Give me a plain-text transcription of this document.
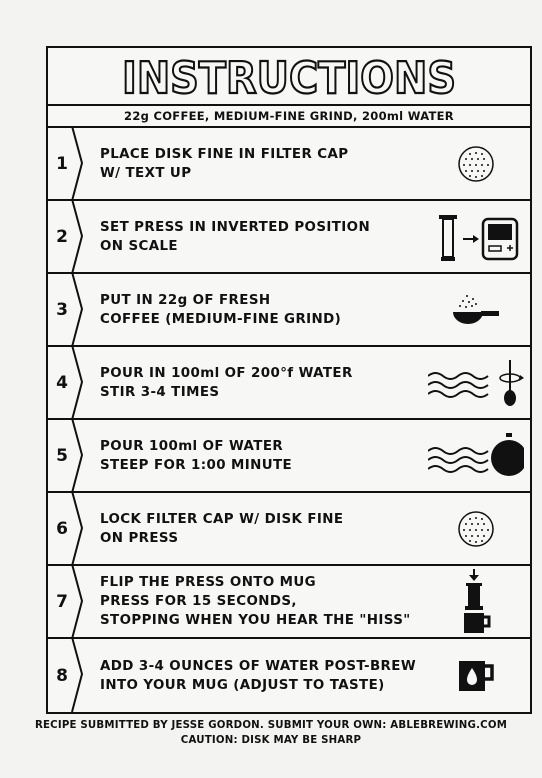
INSTRUCTIONS
22g COFFEE, MEDIUM-FINE GRIND, 200ml WATER
1	PLACE DISK FINE IN FILTER CAP
W/ TEXT UP
2	SET PRESS IN INVERTED POSITION
ON SCALE
3	PUT IN 22g OF FRESH
COFFEE (MEDIUM-FINE GRIND)
4	POUR IN 100ml OF 200°f WATER
STIR 3-4 TIMES
5	POUR 100ml OF WATER
STEEP FOR 1:00 MINUTE
6	LOCK FILTER CAP W/ DISK FINE
ON PRESS
7
FLIP THE PRESS ONTO MUG
PRESS FOR 15 SECONDS,
STOPPING WHEN YOU HEAR THE "HISS"
8	ADD 3-4 OUNCES OF WATER POST-BREW
INTO YOUR MUG (ADJUST TO TASTE)
RECIPE SUBMITTED BY JESSE GORDON. SUBMIT YOUR OWN: ABLEBREWING.COM
CAUTION: DISK MAY BE SHARP
